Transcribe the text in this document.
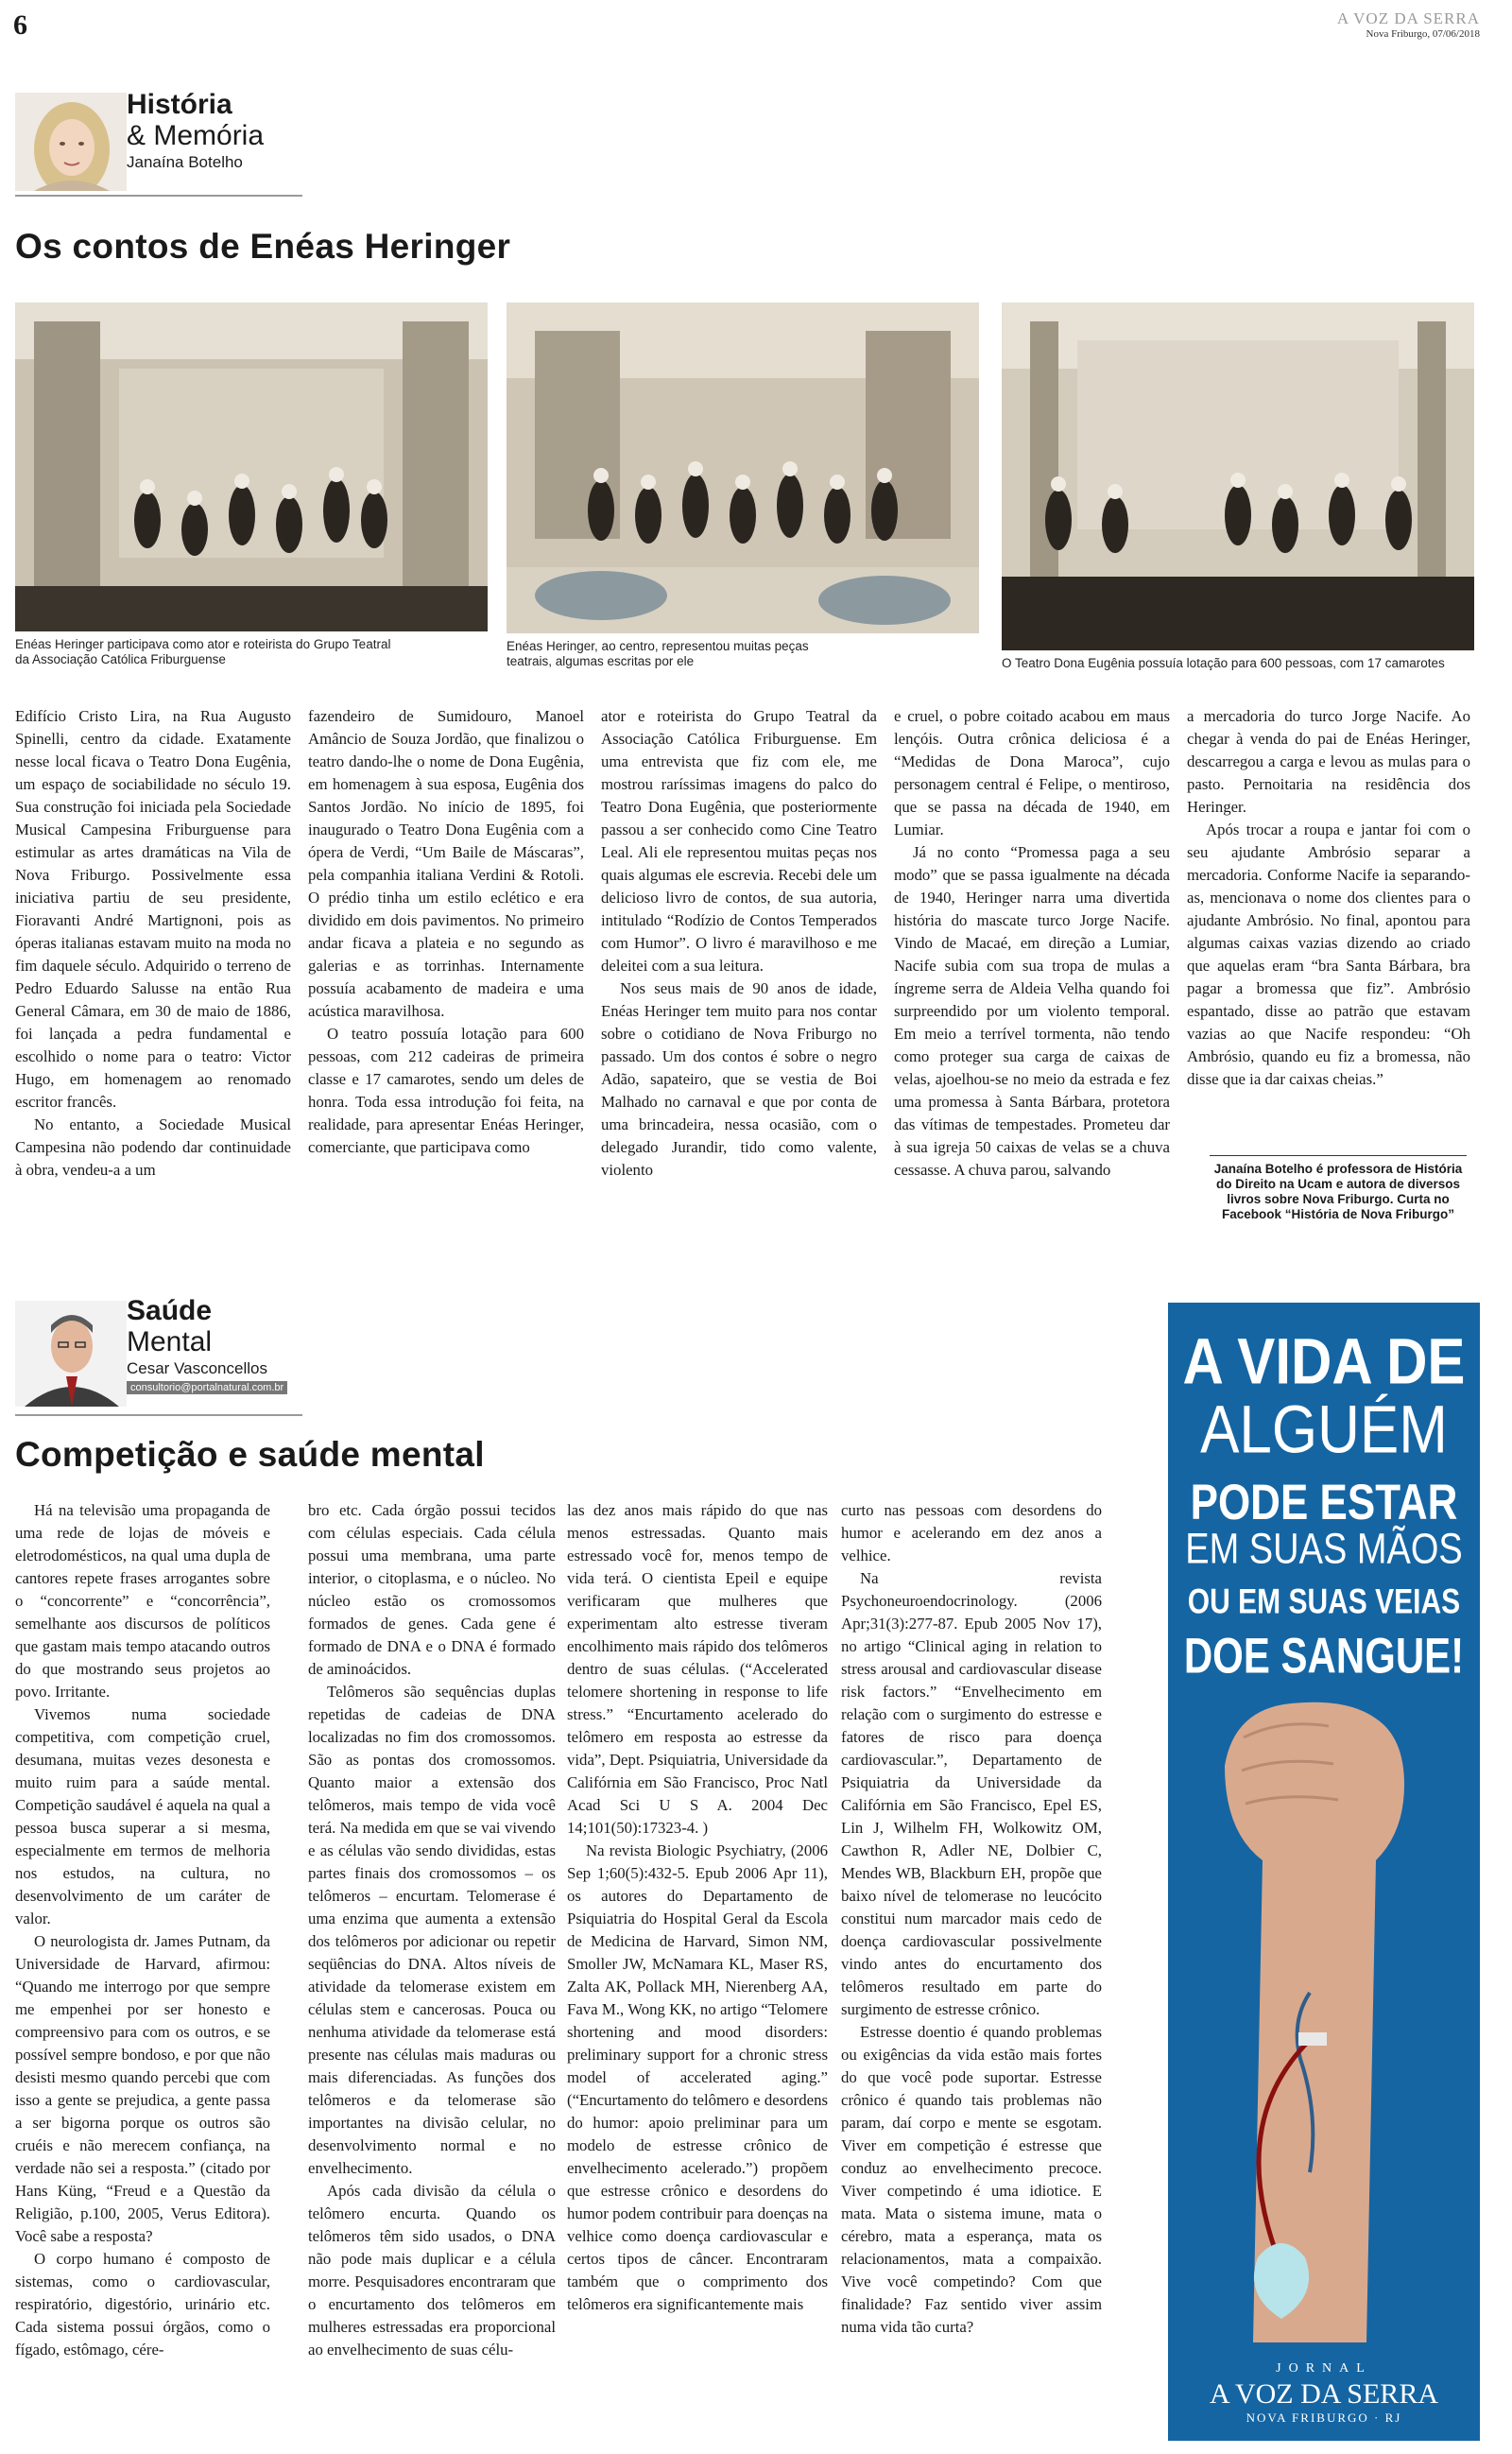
6	A VOZ DA SERRA
Nova Friburgo, 07/06/2018
História
& Memória
Janaína Botelho
Os contos de Enéas Heringer
Enéas Heringer participava como ator e roteirista do Grupo Teatral da Associação Católica Friburguense
Enéas Heringer, ao centro, representou muitas peças teatrais, algumas escritas por ele	O Teatro Dona Eugênia possuía lotação para 600 pessoas, com 17 camarotes

Edifício Cristo Lira, na Rua Augusto Spinelli, centro da cidade. Exatamente nesse local ficava o Teatro Dona Eugênia, um espaço de sociabilidade no século 19. Sua construção foi iniciada pela Sociedade Musical Campesina Friburguense para estimular as artes dramáticas na Vila de Nova Friburgo. Possivelmente essa iniciativa partiu de seu presidente, Fioravanti André Martignoni, pois as óperas italianas estavam muito na moda no fim daquele século. Adquirido o terreno de Pedro Eduardo Salusse na então Rua General Câmara, em 30 de maio de 1886, foi lançada a pedra fundamental e escolhido o nome para o teatro: Victor Hugo, em homenagem ao renomado escritor francês.

No entanto, a Sociedade Musical Campesina não podendo dar continuidade à obra, vendeu-a a um

fazendeiro de Sumidouro, Manoel Amâncio de Souza Jordão, que finalizou o teatro dando-lhe o nome de Dona Eugênia, em homenagem à sua esposa, Eugênia dos Santos Jordão. No início de 1895, foi inaugurado o Teatro Dona Eugênia com a ópera de Verdi, “Um Baile de Máscaras”, pela companhia italiana Verdini & Rotoli. O prédio tinha um estilo eclético e era dividido em dois pavimentos. No primeiro andar ficava a plateia e no segundo as galerias e as torrinhas. Internamente possuía acabamento de madeira e uma acústica maravilhosa.

O teatro possuía lotação para 600 pessoas, com 212 cadeiras de primeira classe e 17 camarotes, sendo um deles de honra. Toda essa introdução foi feita, na realidade, para apresentar Enéas Heringer, comerciante, que participava como

ator e roteirista do Grupo Teatral da Associação Católica Friburguense. Em uma entrevista que fiz com ele, me mostrou raríssimas imagens do palco do Teatro Dona Eugênia, que posteriormente passou a ser conhecido como Cine Teatro Leal. Ali ele representou muitas peças nos quais algumas ele escrevia. Recebi dele um delicioso livro de contos, de sua autoria, intitulado “Rodízio de Contos Temperados com Humor”. O livro é maravilhoso e me deleitei com a sua leitura.

Nos seus mais de 90 anos de idade, Enéas Heringer tem muito para nos contar sobre o cotidiano de Nova Friburgo no passado. Um dos contos é sobre o negro Adão, sapateiro, que se vestia de Boi Malhado no carnaval e que por conta de uma brincadeira, nessa ocasião, com o delegado Jurandir, tido como valente, violento

e cruel, o pobre coitado acabou em maus lençóis. Outra crônica deliciosa é a “Medidas de Dona Maroca”, cujo personagem central é Felipe, o mentiroso, que se passa na década de 1940, em Lumiar.

Já no conto “Promessa paga a seu modo” que se passa igualmente na década de 1940, Heringer narra uma divertida história do mascate turco Jorge Nacife. Vindo de Macaé, em direção a Lumiar, Nacife subia com sua tropa de mulas a íngreme serra de Aldeia Velha quando foi surpreendido por um violento temporal. Em meio a terrível tormenta, não tendo como proteger sua carga de caixas de velas, ajoelhou-se no meio da estrada e fez uma promessa à Santa Bárbara, protetora das vítimas de tempestades. Prometeu dar à sua igreja 50 caixas de velas se a chuva cessasse. A chuva parou, salvando

a mercadoria do turco Jorge Nacife. Ao chegar à venda do pai de Enéas Heringer, descarregou a carga e levou as mulas para o pasto. Pernoitaria na residência dos Heringer.

Após trocar a roupa e jantar foi com o seu ajudante Ambrósio separar a mercadoria. Conforme Nacife ia separando-as, mencionava o nome dos clientes para o ajudante Ambrósio. No final, apontou para algumas caixas vazias dizendo ao criado que aquelas eram “bra Santa Bárbara, bra pagar a bromessa que fiz”. Ambrósio espantado, disse ao patrão que estavam vazias ao que Nacife respondeu: “Oh Ambrósio, quando eu fiz a bromessa, não disse que ia dar caixas cheias.”

Janaína Botelho é professora de História do Direito na Ucam e autora de diversos livros sobre Nova Friburgo. Curta no Facebook “História de Nova Friburgo”
Saúde
Mental
Cesar Vasconcellos
consultorio@portalnatural.com.br
Competição e saúde mental

Há na televisão uma propaganda de uma rede de lojas de móveis e eletrodomésticos, na qual uma dupla de cantores repete frases arrogantes sobre o “concorrente” e “concorrência”, semelhante aos discursos de políticos que gastam mais tempo atacando outros do que mostrando seus projetos ao povo. Irritante.

Vivemos numa sociedade competitiva, com competição cruel, desumana, muitas vezes desonesta e muito ruim para a saúde mental. Competição saudável é aquela na qual a pessoa busca superar a si mesma, especialmente em termos de melhoria nos estudos, na cultura, no desenvolvimento de um caráter de valor.

O neurologista dr. James Putnam, da Universidade de Harvard, afirmou: “Quando me interrogo por que sempre me empenhei por ser honesto e compreensivo para com os outros, e se possível sempre bondoso, e por que não desisti mesmo quando percebi que com isso a gente se prejudica, a gente passa a ser bigorna porque os outros são cruéis e não merecem confiança, na verdade não sei a resposta.” (citado por Hans Küng, “Freud e a Questão da Religião, p.100, 2005, Verus Editora). Você sabe a resposta?

O corpo humano é composto de sistemas, como o cardiovascular, respiratório, digestório, urinário etc. Cada sistema possui órgãos, como o fígado, estômago, cére-

bro etc. Cada órgão possui tecidos com células especiais. Cada célula possui uma membrana, uma parte interior, o citoplasma, e o núcleo. No núcleo estão os cromossomos formados de genes. Cada gene é formado de DNA e o DNA é formado de aminoácidos.

Telômeros são sequências duplas repetidas de cadeias de DNA localizadas no fim dos cromossomos. São as pontas dos cromossomos. Quanto maior a extensão dos telômeros, mais tempo de vida você terá. Na medida em que se vai vivendo e as células vão sendo divididas, estas partes finais dos cromossomos – os telômeros – encurtam. Telomerase é uma enzima que aumenta a extensão dos telômeros por adicionar ou repetir seqüências do DNA. Altos níveis de atividade da telomerase existem em células stem e cancerosas. Pouca ou nenhuma atividade da telomerase está presente nas células mais maduras ou mais diferenciadas. As funções dos telômeros e da telomerase são importantes na divisão celular, no desenvolvimento normal e no envelhecimento.

Após cada divisão da célula o telômero encurta. Quando os telômeros têm sido usados, o DNA não pode mais duplicar e a célula morre. Pesquisadores encontraram que o encurtamento dos telômeros em mulheres estressadas era proporcional ao envelhecimento de suas célu-

las dez anos mais rápido do que nas menos estressadas. Quanto mais estressado você for, menos tempo de vida terá. O cientista Epeil e equipe verificaram que mulheres que experimentam alto estresse tiveram encolhimento mais rápido dos telômeros dentro de suas células. (“Accelerated telomere shortening in response to life stress.” “Encurtamento acelerado do telômero em resposta ao estresse da vida”, Dept. Psiquiatria, Universidade da Califórnia em São Francisco, Proc Natl Acad Sci U S A. 2004 Dec 14;101(50):17323-4. )

Na revista Biologic Psychiatry, (2006 Sep 1;60(5):432-5. Epub 2006 Apr 11), os autores do Departamento de Psiquiatria do Hospital Geral da Escola de Medicina de Harvard, Simon NM, Smoller JW, McNamara KL, Maser RS, Zalta AK, Pollack MH, Nierenberg AA, Fava M., Wong KK, no artigo “Telomere shortening and mood disorders: preliminary support for a chronic stress model of accelerated aging.” (“Encurtamento do telômero e desordens do humor: apoio preliminar para um modelo de estresse crônico de envelhecimento acelerado.”) propõem que estresse crônico e desordens do humor podem contribuir para doenças na velhice como doença cardiovascular e certos tipos de câncer. Encontraram também que o comprimento dos telômeros era significantemente mais

curto nas pessoas com desordens do humor e acelerando em dez anos a velhice.

Na revista Psychoneuroendocrinology. (2006 Apr;31(3):277-87. Epub 2005 Nov 17), no artigo “Clinical aging in relation to stress arousal and cardiovascular disease risk factors.” “Envelhecimento em relação com o surgimento do estresse e fatores de risco para doença cardiovascular.”, Departamento de Psiquiatria da Universidade da Califórnia em São Francisco, Epel ES, Lin J, Wilhelm FH, Wolkowitz OM, Cawthon R, Adler NE, Dolbier C, Mendes WB, Blackburn EH, propõe que baixo nível de telomerase no leucócito constitui num marcador mais cedo de doença cardiovascular possivelmente vindo antes do encurtamento dos telômeros resultado em parte do surgimento de estresse crônico.

Estresse doentio é quando problemas ou exigências da vida estão mais fortes do que você pode suportar. Estresse crônico é quando tais problemas não param, daí corpo e mente se esgotam. Viver em competição é estresse que conduz ao envelhecimento precoce. Viver competindo é uma idiotice. E mata. Mata o sistema imune, mata o cérebro, mata a esperança, mata os relacionamentos, mata a compaixão. Vive você competindo? Com que finalidade? Faz sentido viver assim numa vida tão curta?

A VIDA DE
ALGUÉM
PODE ESTAR
EM SUAS MÃOS
OU EM SUAS VEIAS
DOE SANGUE!
JORNAL
A VOZ DA SERRA
NOVA FRIBURGO · RJ
